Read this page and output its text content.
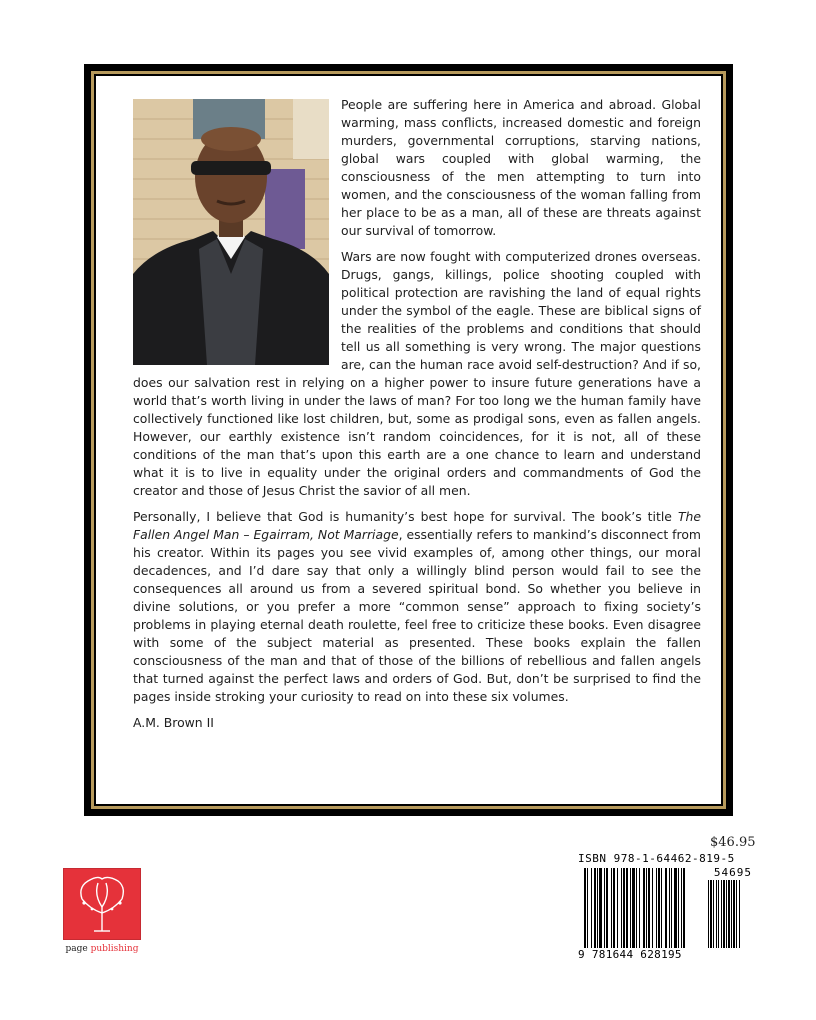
People are suffering here in America and abroad. Global warming, mass conflicts, increased domestic and foreign murders, governmental corruptions, starving nations, global wars coupled with global warming, the consciousness of the men attempting to turn into women, and the consciousness of the woman falling from her place to be as a man, all of these are threats against our survival of tomorrow.

Wars are now fought with computerized drones overseas. Drugs, gangs, killings, police shooting coupled with political protection are ravishing the land of equal rights under the symbol of the eagle. These are biblical signs of the realities of the problems and conditions that should tell us all something is very wrong. The major questions are, can the human race avoid self-destruction? And if so, does our salvation rest in relying on a higher power to insure future generations have a world that’s worth living in under the laws of man? For too long we the human family have collectively functioned like lost children, but, some as prodigal sons, even as fallen angels. However, our earthly existence isn’t random coincidences, for it is not, all of these conditions of the man that’s upon this earth are a one chance to learn and understand what it is to live in equality under the original orders and commandments of God the creator and those of Jesus Christ the savior of all men.

Personally, I believe that God is humanity’s best hope for survival. The book’s title The Fallen Angel Man – Egairram, Not Marriage, essentially refers to mankind’s disconnect from his creator. Within its pages you see vivid examples of, among other things, our moral decadences, and I’d dare say that only a willingly blind person would fail to see the consequences all around us from a severed spiritual bond. So whether you believe in divine solutions, or you prefer a more “common sense” approach to fixing society’s problems in playing eternal death roulette, feel free to criticize these books. Even disagree with some of the subject material as presented. These books explain the fallen consciousness of the man and that of those of the billions of rebellious and fallen angels that turned against the perfect laws and orders of God. But, don’t be surprised to find the pages inside stroking your curiosity to read on into these six volumes.

A.M. Brown II
$46.95
ISBN 978-1-64462-819-5
54695
9 781644 628195
page publishing
